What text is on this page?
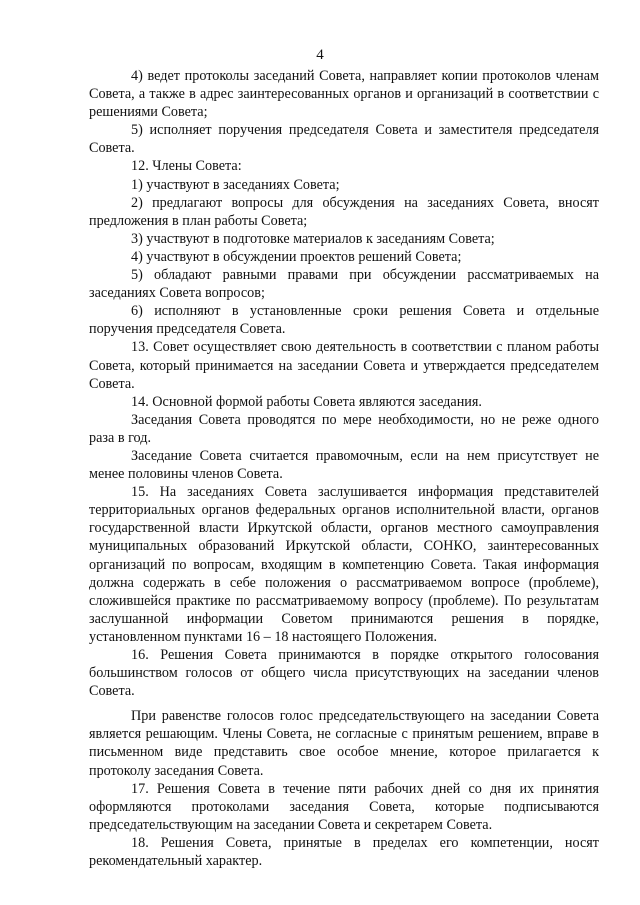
4

4) ведет протоколы заседаний Совета, направляет копии протоколов членам Совета, а также в адрес заинтересованных органов и организаций в соответствии с решениями Совета;

5) исполняет поручения председателя Совета и заместителя председателя Совета.

12. Члены Совета:

1) участвуют в заседаниях Совета;

2) предлагают вопросы для обсуждения на заседаниях Совета, вносят предложения в план работы Совета;

3) участвуют в подготовке материалов к заседаниям Совета;

4) участвуют в обсуждении проектов решений Совета;

5) обладают равными правами при обсуждении рассматриваемых на заседаниях Совета вопросов;

6) исполняют в установленные сроки решения Совета и отдельные поручения председателя Совета.

13. Совет осуществляет свою деятельность в соответствии с планом работы Совета, который принимается на заседании Совета и утверждается председателем Совета.

14. Основной формой работы Совета являются заседания.

Заседания Совета проводятся по мере необходимости, но не реже одного раза в год.

Заседание Совета считается правомочным, если на нем присутствует не менее половины членов Совета.

15. На заседаниях Совета заслушивается информация представителей территориальных органов федеральных органов исполнительной власти, органов государственной власти Иркутской области, органов местного самоуправления муниципальных образований Иркутской области, СОНКО, заинтересованных организаций по вопросам, входящим в компетенцию Совета. Такая информация должна содержать в себе положения о рассматриваемом вопросе (проблеме), сложившейся практике по рассматриваемому вопросу (проблеме). По результатам заслушанной информации Советом принимаются решения в порядке, установленном пунктами 16 – 18 настоящего Положения.

16. Решения Совета принимаются в порядке открытого голосования большинством голосов от общего числа присутствующих на заседании членов Совета.

При равенстве голосов голос председательствующего на заседании Совета является решающим. Члены Совета, не согласные с принятым решением, вправе в письменном виде представить свое особое мнение, которое прилагается к протоколу заседания Совета.

17. Решения Совета в течение пяти рабочих дней со дня их принятия оформляются протоколами заседания Совета, которые подписываются председательствующим на заседании Совета и секретарем Совета.

18. Решения Совета, принятые в пределах его компетенции, носят рекомендательный характер.
